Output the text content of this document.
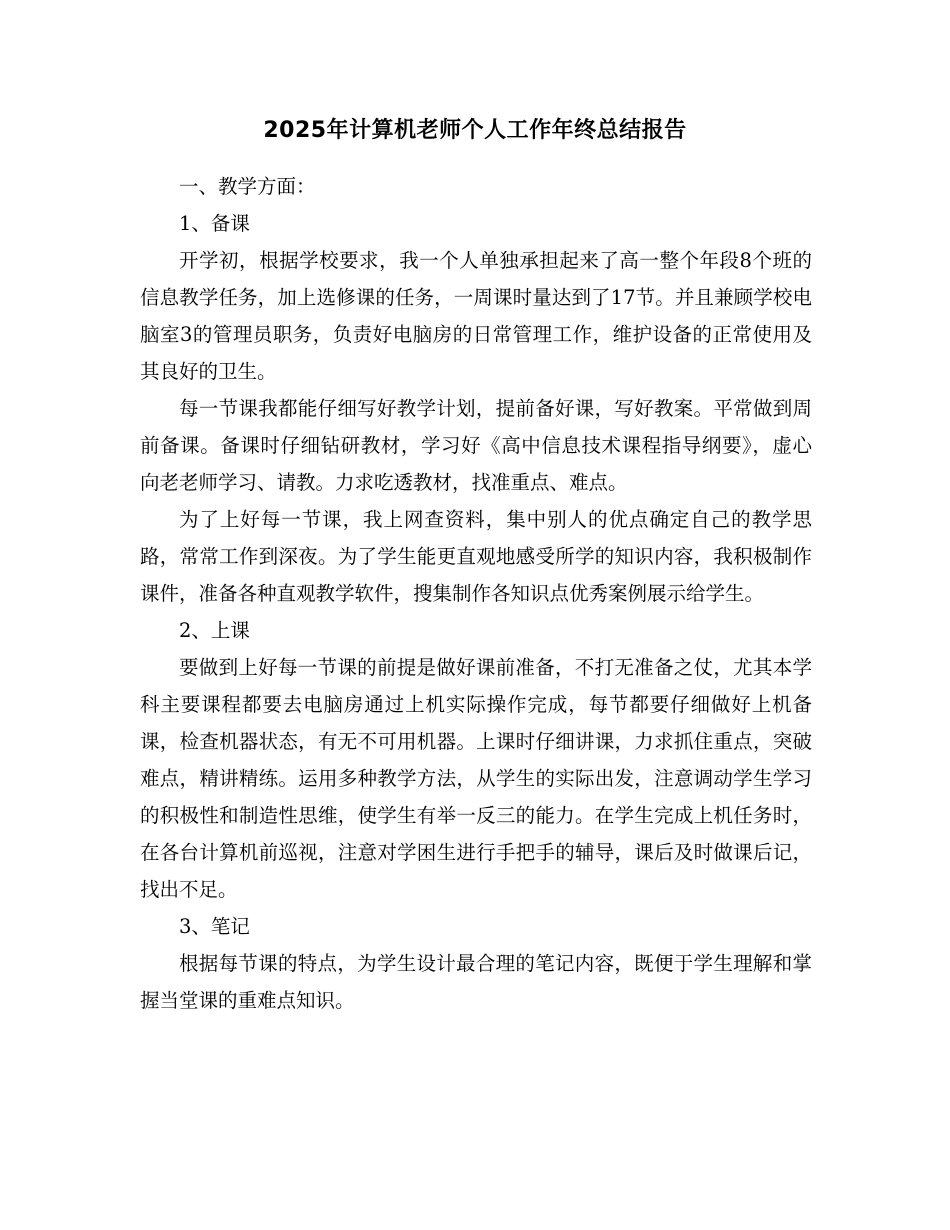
2025年计算机老师个人工作年终总结报告

一、教学方面：

1、备课

开学初，根据学校要求，我一个人单独承担起来了高一整个年段8个班的信息教学任务，加上选修课的任务，一周课时量达到了17节。并且兼顾学校电脑室3的管理员职务，负责好电脑房的日常管理工作，维护设备的正常使用及其良好的卫生。

每一节课我都能仔细写好教学计划，提前备好课，写好教案。平常做到周前备课。备课时仔细钻研教材，学习好《高中信息技术课程指导纲要》，虚心向老老师学习、请教。力求吃透教材，找准重点、难点。

为了上好每一节课，我上网查资料，集中别人的优点确定自己的教学思路，常常工作到深夜。为了学生能更直观地感受所学的知识内容，我积极制作课件，准备各种直观教学软件，搜集制作各知识点优秀案例展示给学生。

2、上课

要做到上好每一节课的前提是做好课前准备，不打无准备之仗，尤其本学科主要课程都要去电脑房通过上机实际操作完成，每节都要仔细做好上机备课，检查机器状态，有无不可用机器。上课时仔细讲课，力求抓住重点，突破难点，精讲精练。运用多种教学方法，从学生的实际出发，注意调动学生学习的积极性和制造性思维，使学生有举一反三的能力。在学生完成上机任务时，在各台计算机前巡视，注意对学困生进行手把手的辅导，课后及时做课后记，找出不足。

3、笔记

根据每节课的特点，为学生设计最合理的笔记内容，既便于学生理解和掌握当堂课的重难点知识。
